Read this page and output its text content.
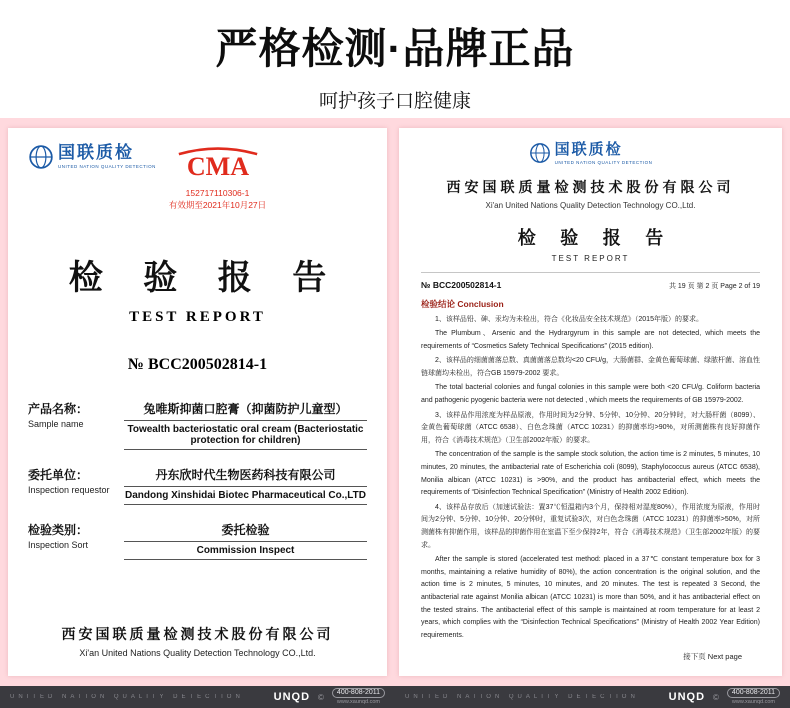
严格检测·品牌正品

呵护孩子口腔健康

国联质检
UNITED NATION QUALITY DETECTION CMA
152717110306-1
有效期至2021年10月27日
检 验 报 告
TEST REPORT
№ BCC200502814-1
产品名称：
Sample name
兔唯斯抑菌口腔膏（抑菌防护儿童型）
Towealth bacteriostatic oral cream (Bacteriostatic protection for children)
委托单位：
Inspection requestor
丹东欣时代生物医药科技有限公司
Dandong Xinshidai Biotec Pharmaceutical Co.,LTD
检验类别：
Inspection Sort
委托检验
Commission Inspect
西安国联质量检测技术股份有限公司
Xi'an United Nations Quality Detection Technology CO.,Ltd.
国联质检
UNITED NATION QUALITY DETECTION
西安国联质量检测技术股份有限公司
Xi'an United Nations Quality Detection Technology CO.,Ltd.
检 验 报 告
TEST REPORT
№ BCC200502814-1	共 19 页 第 2 页 Page 2 of 19
检验结论 Conclusion

1、该样品铅、砷、汞均为未检出，符合《化妆品安全技术规范》（2015年版）的要求。

The Plumbum、Arsenic and the Hydrargyrum in this sample are not detected, which meets the requirements of “Cosmetics Safety Technical Specifications” (2015 edition).

2、该样品的细菌菌落总数、真菌菌落总数均<20 CFU/g，大肠菌群、金黄色葡萄球菌、绿脓杆菌、溶血性链球菌均未检出，符合GB 15979-2002 要求。

The total bacterial colonies and fungal colonies in this sample were both <20 CFU/g. Coliform bacteria and pathogenic pyogenic bacteria were not detected , which meets the requirements of GB 15979-2002.

3、该样品作用浓度为样品原液，作用时间为2分钟、5分钟、10分钟、20分钟时，对大肠杆菌（8099）、金黄色葡萄球菌（ATCC 6538）、白色念珠菌（ATCC 10231）的抑菌率均>90%，对所测菌株有良好抑菌作用，符合《消毒技术规范》（卫生部2002年版）的要求。

The concentration of the sample is the sample stock solution, the action time is 2 minutes, 5 minutes, 10 minutes, 20 minutes, the antibacterial rate of Escherichia coli (8099), Staphylococcus aureus (ATCC 6538), Monilia albican (ATCC 10231) is >90%, and the product has antibacterial effect, which meets the requirements of “Disinfection Technical Specification” (Ministry of Health 2002 Edition).

4、该样品存放后（加速试验法：置37℃恒温箱内3个月，保持相对湿度80%），作用浓度为原液，作用时间为2分钟、5分钟、10分钟、20分钟时，重复试验3次，对白色念珠菌（ATCC 10231）的抑菌率>50%，对所测菌株有抑菌作用，该样品的抑菌作用在室温下至少保持2年，符合《消毒技术规范》（卫生部2002年版）的要求。

After the sample is stored (accelerated test method: placed in a 37℃ constant temperature box for 3 months, maintaining a relative humidity of 80%), the action concentration is the original solution, and the action time is 2 minutes, 5 minutes, 10 minutes, and 20 minutes. The test is repeated 3 Second, the antibacterial rate against Monilia albican (ATCC 10231) is more than 50%, and it has antibacterial effect on the tested strains. The antibacterial effect of this sample is maintained at room temperature for at least 2 years, which complies with the “Disinfection Technical Specifications” (Ministry of Health 2002 Year Edition) requirements.

接下页 Next page
UNITED NATION QUALITY DETECTION	UNQD ©	400-808-2011
www.xaunqd.com
UNITED NATION QUALITY DETECTION	UNQD ©	400-808-2011
www.xaunqd.com
